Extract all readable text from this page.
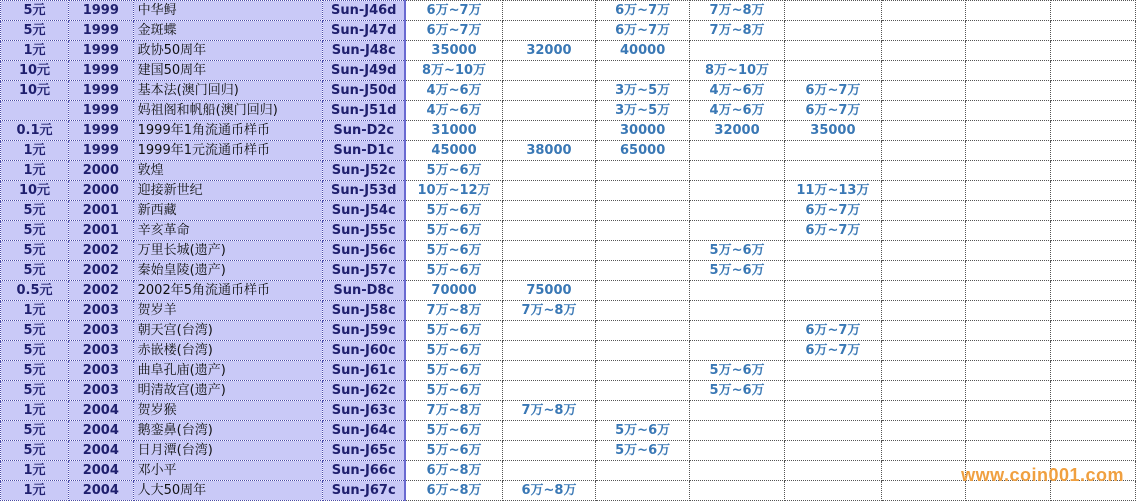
5元	1999	中华鲟	Sun-J46d	6万~7万		6万~7万	7万~8万				
5元	1999	金斑蝶	Sun-J47d	6万~7万		6万~7万	7万~8万				
1元	1999	政协50周年	Sun-J48c	35000	32000	40000					
10元	1999	建国50周年	Sun-J49d	8万~10万			8万~10万				
10元	1999	基本法(澳门回归)	Sun-J50d	4万~6万		3万~5万	4万~6万	6万~7万			
	1999	妈祖阁和帆船(澳门回归)	Sun-J51d	4万~6万		3万~5万	4万~6万	6万~7万			
0.1元	1999	1999年1角流通币样币	Sun-D2c	31000		30000	32000	35000			
1元	1999	1999年1元流通币样币	Sun-D1c	45000	38000	65000					
1元	2000	敦煌	Sun-J52c	5万~6万							
10元	2000	迎接新世纪	Sun-J53d	10万~12万				11万~13万			
5元	2001	新西藏	Sun-J54c	5万~6万				6万~7万			
5元	2001	辛亥革命	Sun-J55c	5万~6万				6万~7万			
5元	2002	万里长城(遗产)	Sun-J56c	5万~6万			5万~6万				
5元	2002	秦始皇陵(遗产)	Sun-J57c	5万~6万			5万~6万				
0.5元	2002	2002年5角流通币样币	Sun-D8c	70000	75000						
1元	2003	贺岁羊	Sun-J58c	7万~8万	7万~8万						
5元	2003	朝天宫(台湾)	Sun-J59c	5万~6万				6万~7万			
5元	2003	赤嵌楼(台湾)	Sun-J60c	5万~6万				6万~7万			
5元	2003	曲阜孔庙(遗产)	Sun-J61c	5万~6万			5万~6万				
5元	2003	明清故宫(遗产)	Sun-J62c	5万~6万			5万~6万				
1元	2004	贺岁猴	Sun-J63c	7万~8万	7万~8万						
5元	2004	鹅銮鼻(台湾)	Sun-J64c	5万~6万		5万~6万					
5元	2004	日月潭(台湾)	Sun-J65c	5万~6万		5万~6万					
1元	2004	邓小平	Sun-J66c	6万~8万							
1元	2004	人大50周年	Sun-J67c	6万~8万	6万~8万						
www.coin001.com
